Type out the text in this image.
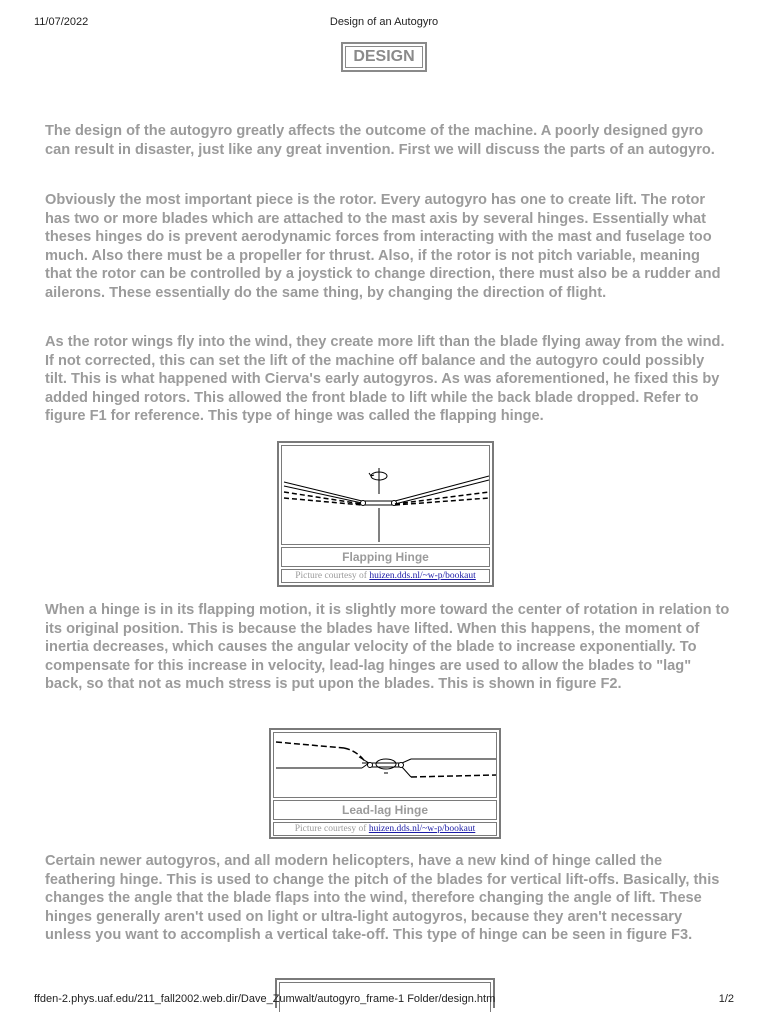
11/07/2022	Design of an Autogyro
DESIGN

The design of the autogyro greatly affects the outcome of the machine. A poorly designed gyro can result in disaster, just like any great invention. First we will discuss the parts of an autogyro.

Obviously the most important piece is the rotor. Every autogyro has one to create lift. The rotor has two or more blades which are attached to the mast axis by several hinges. Essentially what theses hinges do is prevent aerodynamic forces from interacting with the mast and fuselage too much. Also there must be a propeller for thrust. Also, if the rotor is not pitch variable, meaning that the rotor can be controlled by a joystick to change direction, there must also be a rudder and ailerons. These essentially do the same thing, by changing the direction of flight.

As the rotor wings fly into the wind, they create more lift than the blade flying away from the wind. If not corrected, this can set the lift of the machine off balance and the autogyro could possibly tilt. This is what happened with Cierva's early autogyros. As was aforementioned, he fixed this by added hinged rotors. This allowed the front blade to lift while the back blade dropped. Refer to figure F1 for reference. This type of hinge was called the flapping hinge.

Flapping Hinge
Picture courtesy of huizen.dds.nl/~w-p/bookaut

When a hinge is in its flapping motion, it is slightly more toward the center of rotation in relation to its original position. This is because the blades have lifted. When this happens, the moment of inertia decreases, which causes the angular velocity of the blade to increase exponentially. To compensate for this increase in velocity, lead-lag hinges are used to allow the blades to "lag" back, so that not as much stress is put upon the blades. This is shown in figure F2.

Lead-lag Hinge
Picture courtesy of huizen.dds.nl/~w-p/bookaut

Certain newer autogyros, and all modern helicopters, have a new kind of hinge called the feathering hinge. This is used to change the pitch of the blades for vertical lift-offs. Basically, this changes the angle that the blade flaps into the wind, therefore changing the angle of lift. These hinges generally aren't used on light or ultra-light autogyros, because they aren't necessary unless you want to accomplish a vertical take-off. This type of hinge can be seen in figure F3.

ffden-2.phys.uaf.edu/211_fall2002.web.dir/Dave_Zumwalt/autogyro_frame-1 Folder/design.htm	1/2
